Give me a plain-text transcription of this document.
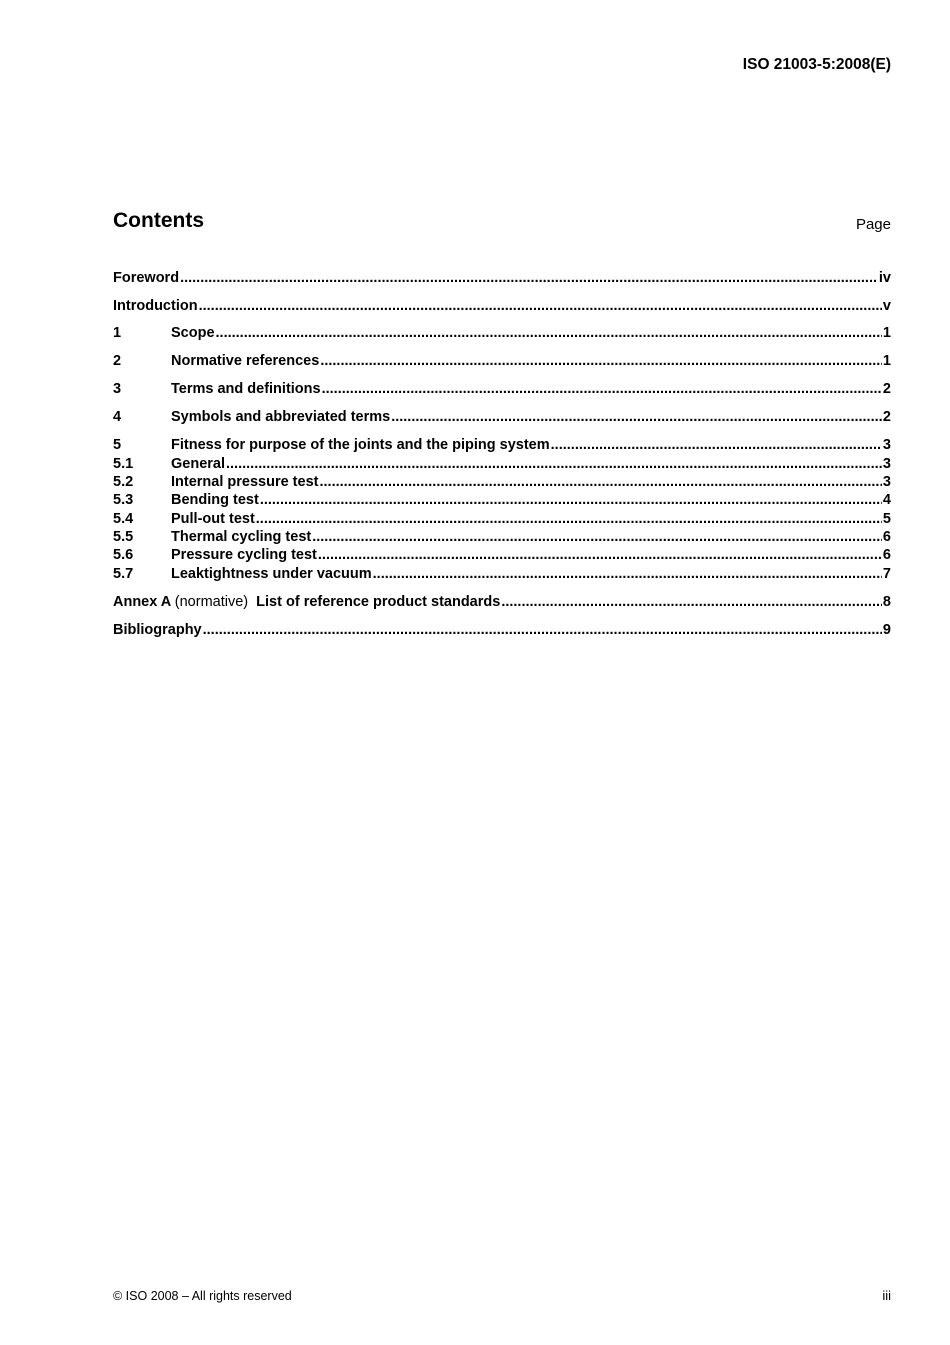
ISO 21003-5:2008(E)
Contents	Page
Foreword .....	iv
Introduction .....	v
1	Scope .....	1
2	Normative references .....	1
3	Terms and definitions .....	2
4	Symbols and abbreviated terms .....	2
5	Fitness for purpose of the joints and the piping system .....	3
5.1	General .....	3
5.2	Internal pressure test .....	3
5.3	Bending test .....	4
5.4	Pull-out test .....	5
5.5	Thermal cycling test .....	6
5.6	Pressure cycling test .....	6
5.7	Leaktightness under vacuum .....	7
Annex A (normative) List of reference product standards .....	8
Bibliography .....	9
© ISO 2008 – All rights reserved	iii
